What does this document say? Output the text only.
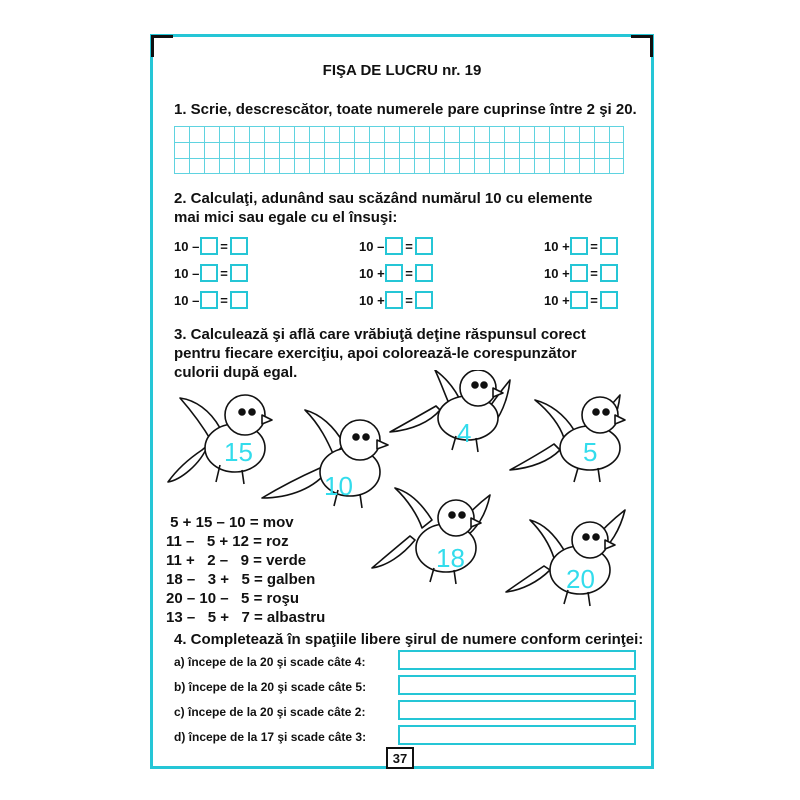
FIŞA DE LUCRU nr. 19
1. Scrie, descrescător, toate numerele pare cuprinse între 2 şi 20.
2. Calculaţi, adunând sau scăzând numărul 10 cu elemente
mai mici sau egale cu el însuşi:
10 – =
10 – =
10 – =
10 – =
10 + =
10 + =
10 + =
10 + =
10 + =
3. Calculează şi află care vrăbiuţă deţine răspunsul corect
pentru fiecare exerciţiu, apoi colorează-le corespunzător
culorii după egal.
15
10
4
5
18
20
5 + 15 – 10 = mov
11 –   5 + 12 = roz
11 +   2 –   9 = verde
18 –   3 +   5 = galben
20 – 10 –   5 = roşu
13 –   5 +   7 = albastru
4. Completează în spaţiile libere şirul de numere conform cerinţei:
a) începe de la 20 şi scade câte 4:
b) începe de la 20 şi scade câte 5:
c) începe de la 20 şi scade câte 2:
d) începe de la 17 şi scade câte 3:
37
